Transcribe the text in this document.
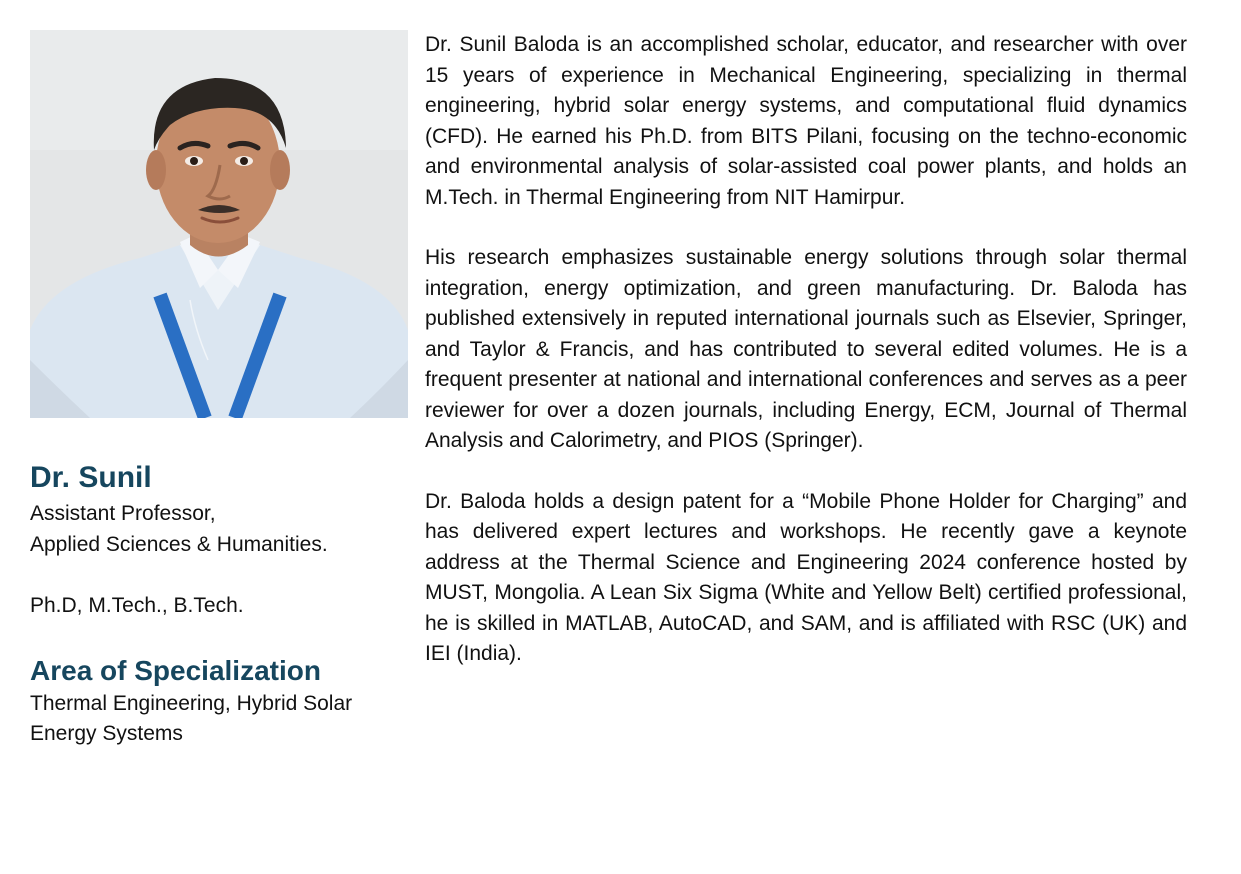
Dr. Sunil

Assistant Professor,

Applied Sciences & Humanities.

Ph.D, M.Tech., B.Tech.

Area of Specialization

Thermal Engineering, Hybrid Solar Energy Systems

Dr. Sunil Baloda is an accomplished scholar, educator, and researcher with over 15 years of experience in Mechanical Engineering, specializing in thermal engineering, hybrid solar energy systems, and computational fluid dynamics (CFD). He earned his Ph.D. from BITS Pilani, focusing on the techno-economic and environmental analysis of solar-assisted coal power plants, and holds an M.Tech. in Thermal Engineering from NIT Hamirpur.

His research emphasizes sustainable energy solutions through solar thermal integration, energy optimization, and green manufacturing. Dr. Baloda has published extensively in reputed international journals such as Elsevier, Springer, and Taylor & Francis, and has contributed to several edited volumes. He is a frequent presenter at national and international conferences and serves as a peer reviewer for over a dozen journals, including Energy, ECM, Journal of Thermal Analysis and Calorimetry, and PIOS (Springer).

Dr. Baloda holds a design patent for a “Mobile Phone Holder for Charging” and has delivered expert lectures and workshops. He recently gave a keynote address at the Thermal Science and Engineering 2024 conference hosted by MUST, Mongolia. A Lean Six Sigma (White and Yellow Belt) certified professional, he is skilled in MATLAB, AutoCAD, and SAM, and is affiliated with RSC (UK) and IEI (India).
